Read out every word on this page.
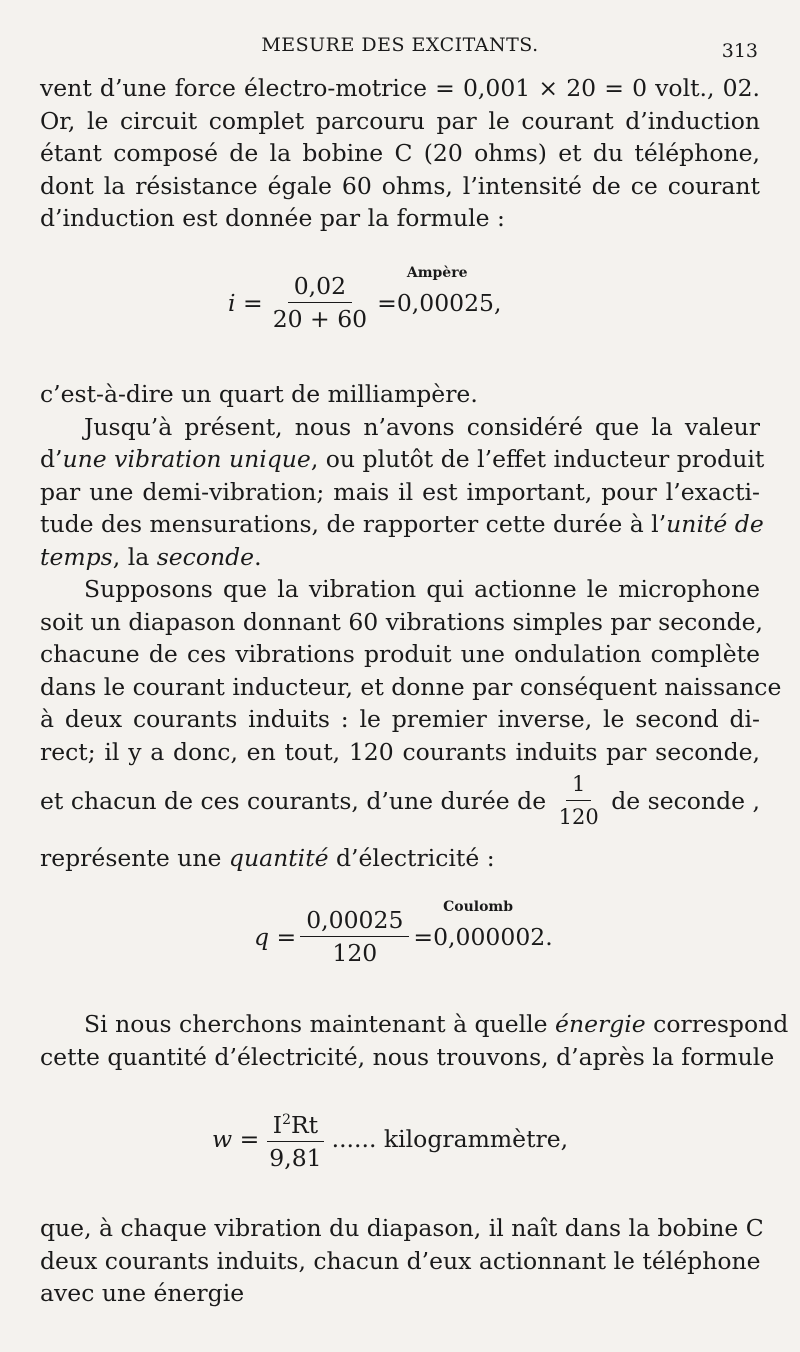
MESURE DES EXCITANTS.	313
vent d’une force électro-motrice = 0,001 × 20 = 0 volt., 02.
Or, le circuit complet parcouru par le courant d’induction
étant composé de la bobine C (20 ohms) et du téléphone,
dont la résistance égale 60 ohms, l’intensité de ce courant
d’induction est donnée par la formule :
$i = \frac{0,02}{20 + 60}$ =
Ampère
0,00025,
c’est-à-dire un quart de milliampère.
Jusqu’à présent, nous n’avons considéré que la valeur
d’une vibration unique, ou plutôt de l’effet inducteur produit
par une demi-vibration; mais il est important, pour l’exacti-
tude des mensurations, de rapporter cette durée à l’unité de
temps, la seconde.
Supposons que la vibration qui actionne le microphone
soit un diapason donnant 60 vibrations simples par seconde,
chacune de ces vibrations produit une ondulation complète
dans le courant inducteur, et donne par conséquent naissance
à deux courants induits : le premier inverse, le second di-
rect; il y a donc, en tout, 120 courants induits par seconde,
et chacun de ces courants, d’une durée de $\frac{1}{120}$ de seconde ,
représente une quantité d’électricité :
$q = \frac{0,00025}{120}$ =
Coulomb
0,000002.
Si nous cherchons maintenant à quelle énergie correspond
cette quantité d’électricité, nous trouvons, d’après la formule
$w = \frac{I^2Rt}{9,81}$ ...... kilogrammètre,
que, à chaque vibration du diapason, il naît dans la bobine C
deux courants induits, chacun d’eux actionnant le téléphone
avec une énergie
